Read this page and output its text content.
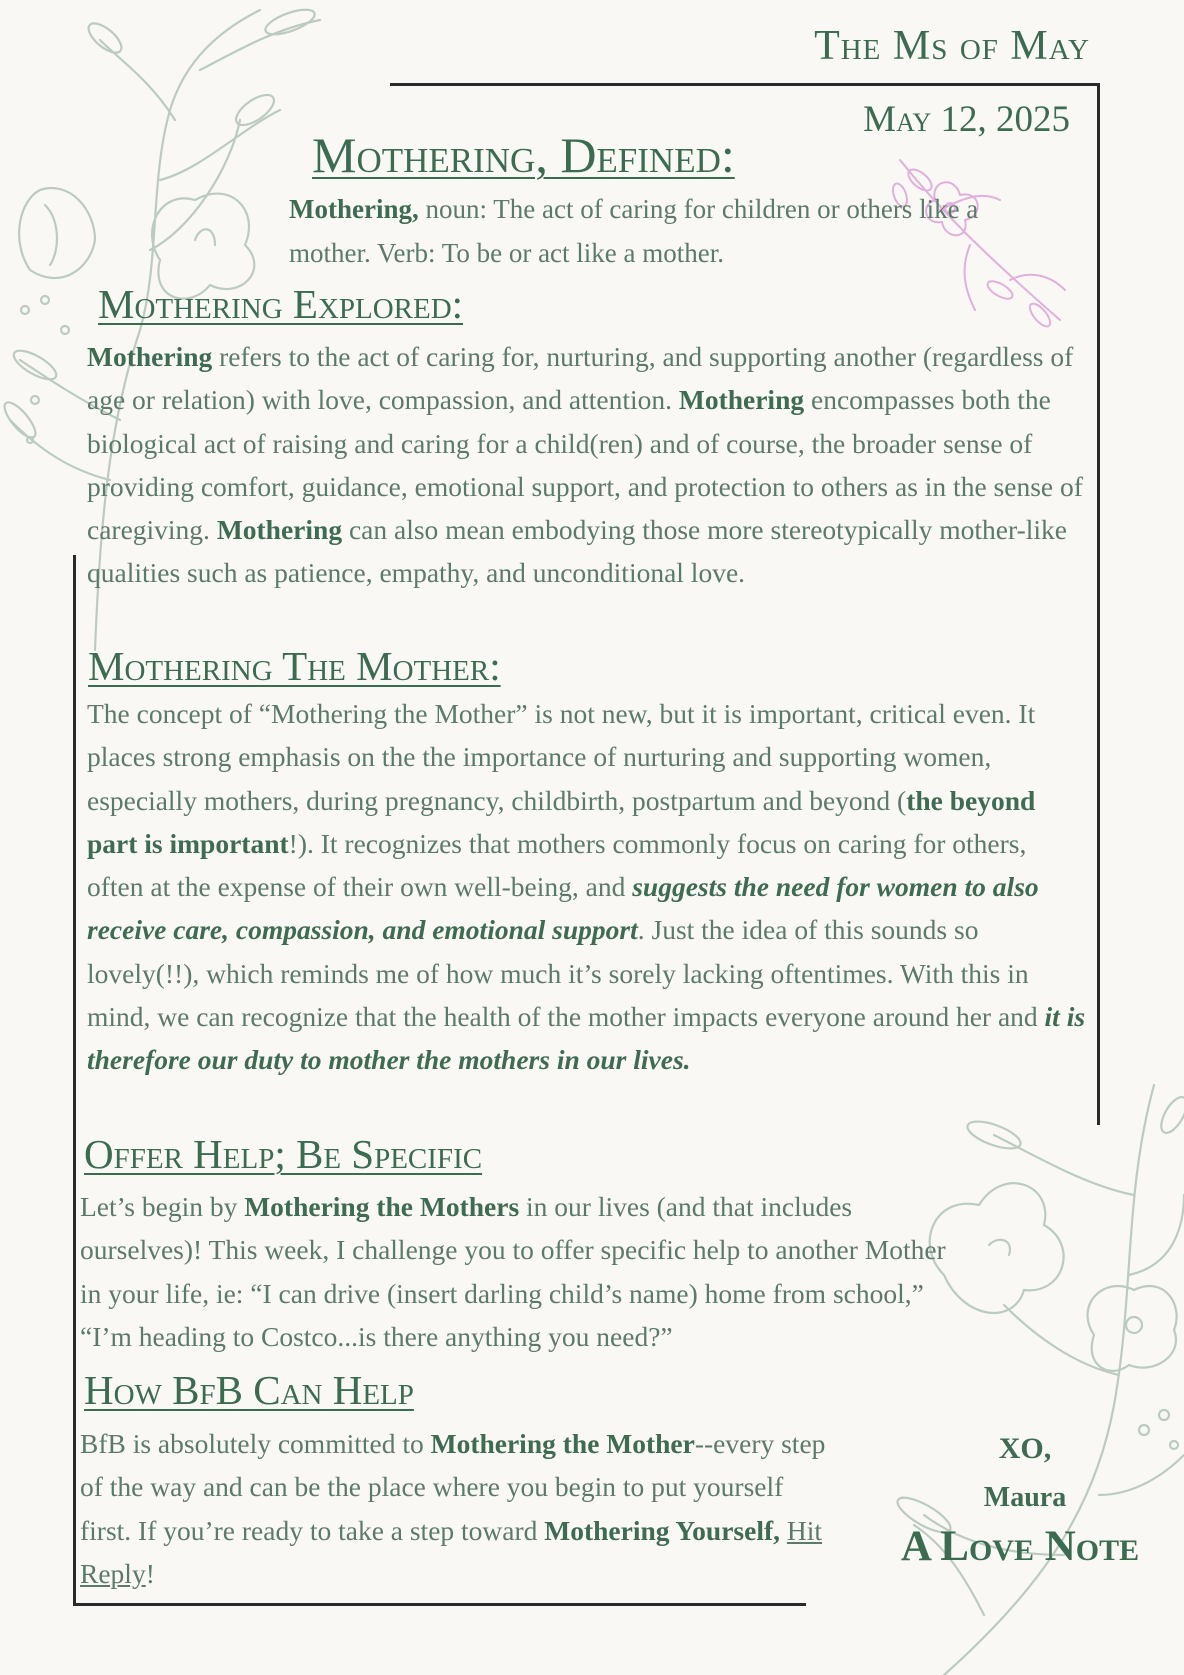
The Ms of May
May 12, 2025
Mothering, Defined:

Mothering, noun: The act of caring for children or others like a mother. Verb: To be or act like a mother.

Mothering Explored:

Mothering refers to the act of caring for, nurturing, and supporting another (regardless of age or relation) with love, compassion, and attention. Mothering encompasses both the biological act of raising and caring for a child(ren) and of course, the broader sense of providing comfort, guidance, emotional support, and protection to others as in the sense of caregiving. Mothering can also mean embodying those more stereotypically mother-like qualities such as patience, empathy, and unconditional love.

Mothering The Mother:

The concept of “Mothering the Mother” is not new, but it is important, critical even. It places strong emphasis on the the importance of nurturing and supporting women, especially mothers, during pregnancy, childbirth, postpartum and beyond (the beyond part is important!). It recognizes that mothers commonly focus on caring for others, often at the expense of their own well-being, and suggests the need for women to also receive care, compassion, and emotional support. Just the idea of this sounds so lovely(!!), which reminds me of how much it’s sorely lacking oftentimes. With this in mind, we can recognize that the health of the mother impacts everyone around her and it is therefore our duty to mother the mothers in our lives.

Offer Help; Be Specific

Let’s begin by Mothering the Mothers in our lives (and that includes ourselves)! This week, I challenge you to offer specific help to another Mother in your life, ie: “I can drive (insert darling child’s name) home from school,” “I’m heading to Costco...is there anything you need?”

How BfB Can Help

BfB is absolutely committed to Mothering the Mother--every step of the way and can be the place where you begin to put yourself first. If you’re ready to take a step toward Mothering Yourself, Hit Reply!

XO,
Maura
A Love Note
